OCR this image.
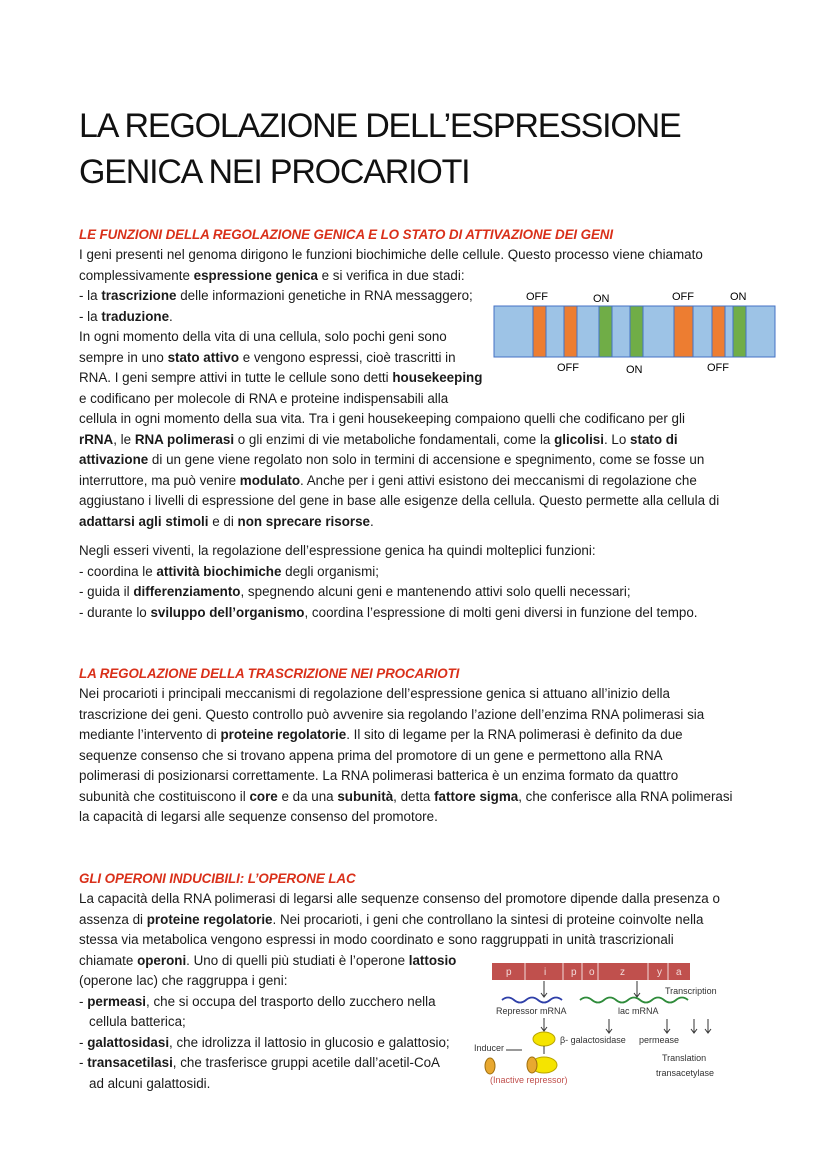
LA REGOLAZIONE DELL’ESPRESSIONE
GENICA NEI PROCARIOTI

LE FUNZIONI DELLA REGOLAZIONE GENICA E LO STATO DI ATTIVAZIONE DEI GENI

I geni presenti nel genoma dirigono le funzioni biochimiche delle cellule. Questo processo viene chiamato
complessivamente espressione genica e si verifica in due stadi:
- la trascrizione delle informazioni genetiche in RNA messaggero;
- la traduzione.
In ogni momento della vita di una cellula, solo pochi geni sono
sempre in uno stato attivo e vengono espressi, cioè trascritti in
RNA. I geni sempre attivi in tutte le cellule sono detti housekeeping
e codificano per molecole di RNA e proteine indispensabili alla
cellula in ogni momento della sua vita. Tra i geni housekeeping compaiono quelli che codificano per gli
rRNA, le RNA polimerasi o gli enzimi di vie metaboliche fondamentali, come la glicolisi. Lo stato di
attivazione di un gene viene regolato non solo in termini di accensione e spegnimento, come se fosse un
interruttore, ma può venire modulato. Anche per i geni attivi esistono dei meccanismi di regolazione che
aggiustano i livelli di espressione del gene in base alle esigenze della cellula. Questo permette alla cellula di
adattarsi agli stimoli e di non sprecare risorse.
Negli esseri viventi, la regolazione dell’espressione genica ha quindi molteplici funzioni:
- coordina le attività biochimiche degli organismi;
- guida il differenziamento, spegnendo alcuni geni e mantenendo attivi solo quelli necessari;
- durante lo sviluppo dell’organismo, coordina l’espressione di molti geni diversi in funzione del tempo.
OFF	ON	OFF	ON
OFF	ON	OFF

LA REGOLAZIONE DELLA TRASCRIZIONE NEI PROCARIOTI

Nei procarioti i principali meccanismi di regolazione dell’espressione genica si attuano all’inizio della
trascrizione dei geni. Questo controllo può avvenire sia regolando l’azione dell’enzima RNA polimerasi sia
mediante l’intervento di proteine regolatorie. Il sito di legame per la RNA polimerasi è definito da due
sequenze consenso che si trovano appena prima del promotore di un gene e permettono alla RNA
polimerasi di posizionarsi correttamente. La RNA polimerasi batterica è un enzima formato da quattro
subunità che costituiscono il core e da una subunità, detta fattore sigma, che conferisce alla RNA polimerasi
la capacità di legarsi alle sequenze consenso del promotore.

GLI OPERONI INDUCIBILI: L’OPERONE LAC

La capacità della RNA polimerasi di legarsi alle sequenze consenso del promotore dipende dalla presenza o
assenza di proteine regolatorie. Nei procarioti, i geni che controllano la sintesi di proteine coinvolte nella
stessa via metabolica vengono espressi in modo coordinato e sono raggruppati in unità trascrizionali
chiamate operoni. Uno di quelli più studiati è l’operone lattosio
(operone lac) che raggruppa i geni:
- permeasi, che si occupa del trasporto dello zucchero nella
cellula batterica;
- galattosidasi, che idrolizza il lattosio in glucosio e galattosio;
- transacetilasi, che trasferisce gruppi acetile dall’acetil-CoA
ad alcuni galattosidi.
p	i p o	z	y a
Transcription
Repressor mRNA	lac mRNA
Inducer
(Inactive repressor)
β- galactosidase permease
Translation
transacetylase
